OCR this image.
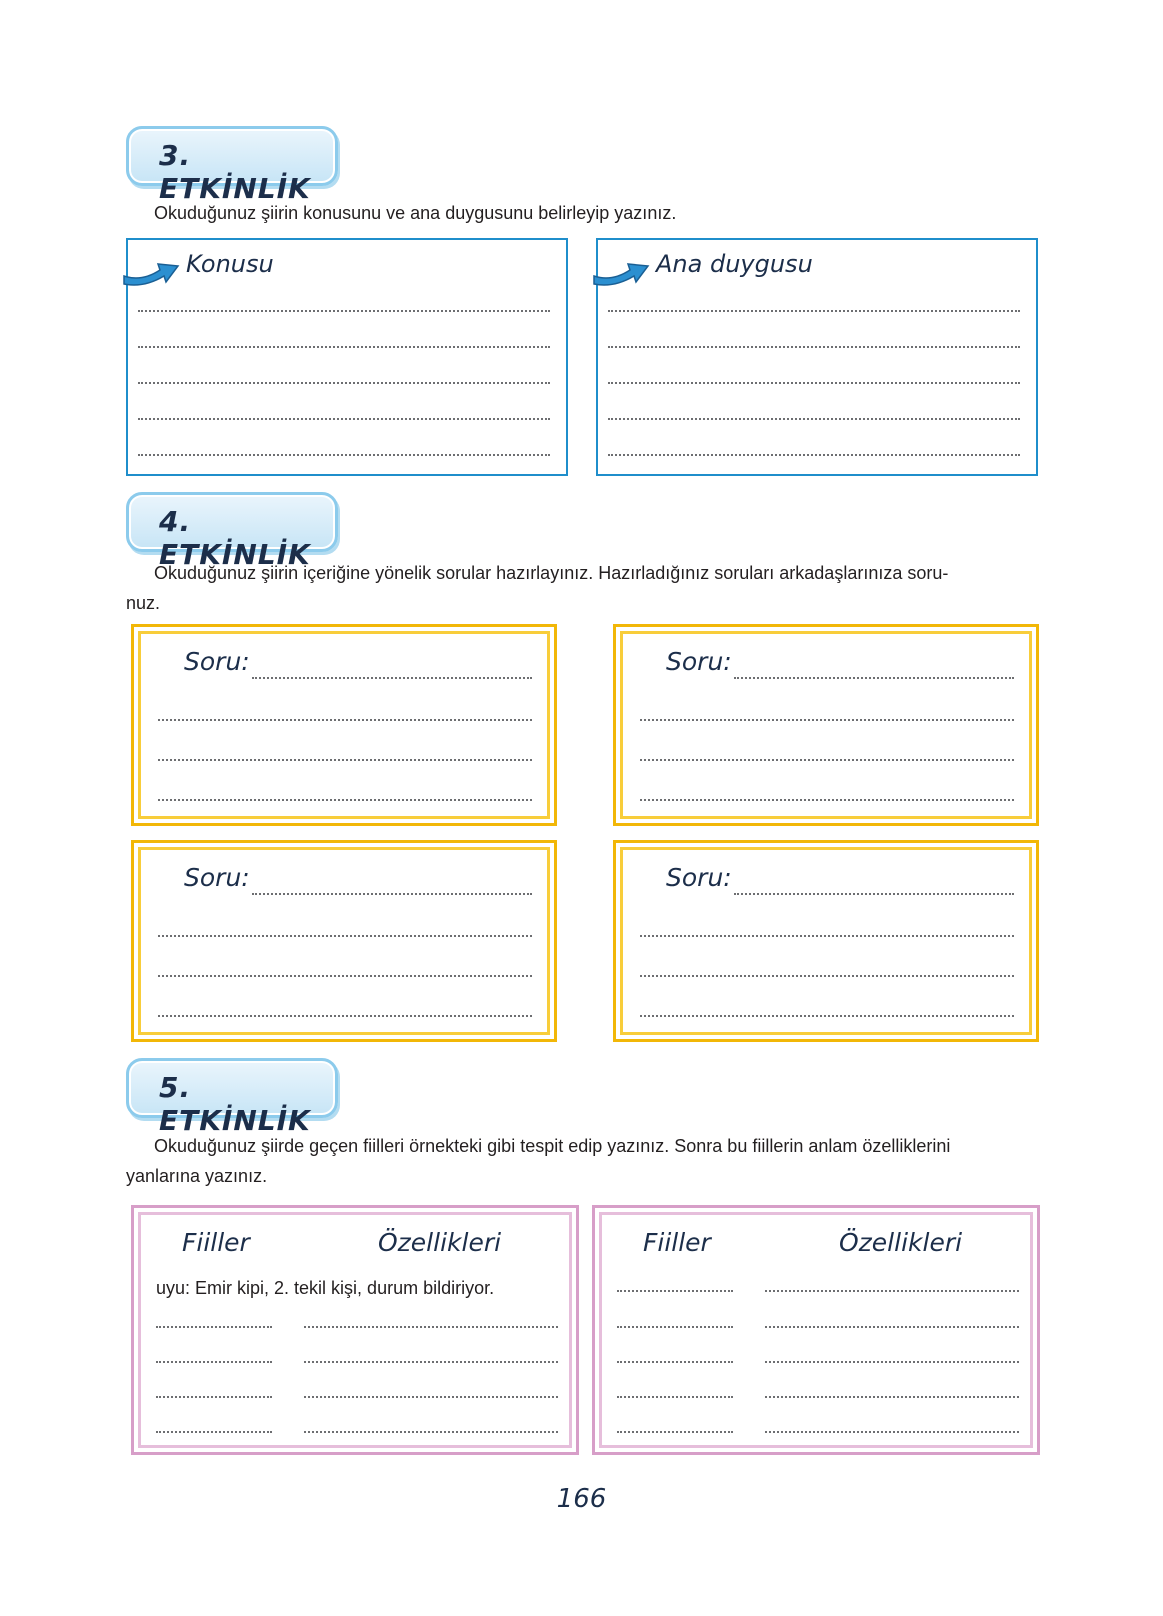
3. ETKİNLİK
Okuduğunuz şiirin konusunu ve ana duygusunu belirleyip yazınız.
Konusu	Ana duygusu
4. ETKİNLİK
Okuduğunuz şiirin içeriğine yönelik sorular hazırlayınız. Hazırladığınız soruları arkadaşlarınıza soru-
nuz.
Soru:	Soru:
Soru:	Soru:
5. ETKİNLİK
Okuduğunuz şiirde geçen fiilleri örnekteki gibi tespit edip yazınız. Sonra bu fiillerin anlam özelliklerini
yanlarına yazınız.
Fiiller	Özellikleri
uyu: Emir kipi, 2. tekil kişi, durum bildiriyor.
Fiiller	Özellikleri
166
